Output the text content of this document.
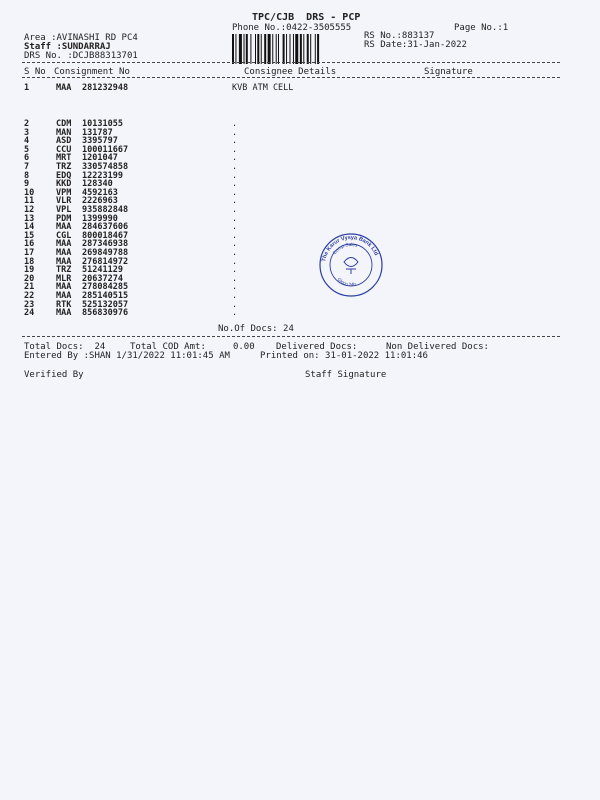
TPC/CJB  DRS - PCP
Phone No.:0422-3505555	Page No.:1
Area :AVINASHI RD PC4
Staff :SUNDARRAJ
DRS No. :DCJB88313701
RS No.:883137
RS Date:31-Jan-2022
S No Consignment No	Consignee Details	Signature
1	MAA 281232948	KVB ATM CELL
2	CDM 10131055	.
3	MAN 131787	.
4	ASD 3395797	.
5	CCU 100011667	.
6	MRT 1201047	.
7	TRZ 330574858	.
8	EDQ 12223199	.
9	KKD 128340	.
10	VPM 4592163	.
11	VLR 2226963	.
12	VPL 935882848	.
13	PDM 1399990	.
14	MAA 284637606	.
15	CGL 800018467	.
16	MAA 287346938	.
17	MAA 269849788	.
18	MAA 276814972	.
19	TRZ 51241129	.
20	MLR 20637274	.
21	MAA 278084285	.
22	MAA 285140515	.
23	RTK 525132057	.
24	MAA 856830976	.
No.Of Docs: 24
Total Docs:  24	Total COD Amt:     0.00 Delivered Docs:	Non Delivered Docs:
Entered By :SHAN 1/31/2022 11:01:45 AM	Printed on: 31-01-2022 11:01:46
Verified By	Staff Signature
The Karur Vysya Bank Ltd
Comp.Sales
Gloco 24h
